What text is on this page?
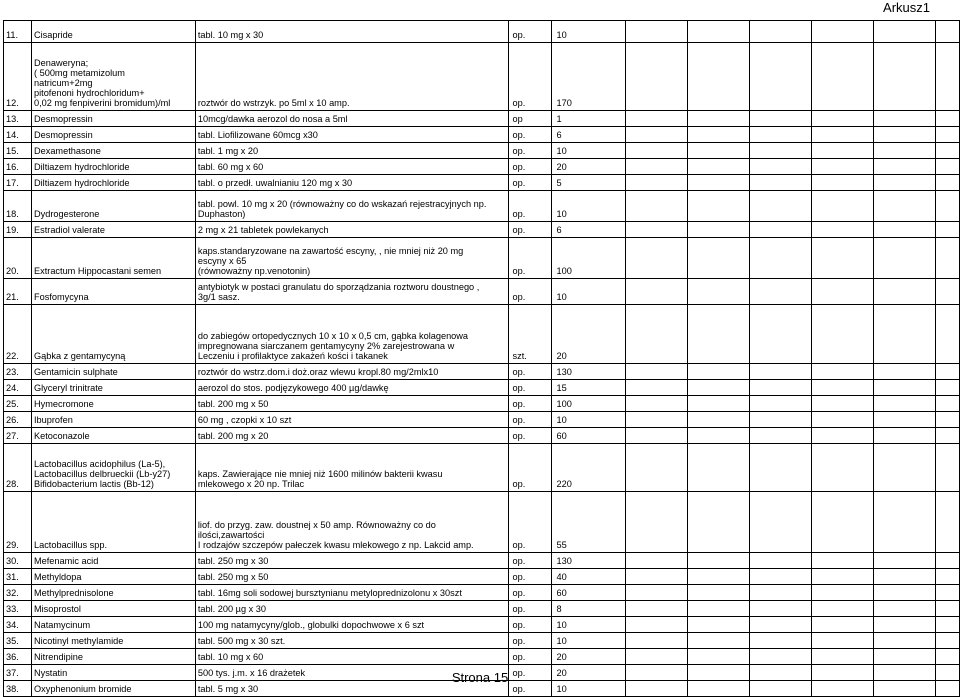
Arkusz1
11.	Cisapride	tabl. 10 mg x 30	op.	10						
12.	Denaweryna;
( 500mg metamizolum
natricum+2mg
pitofenoni hydrochloridum+
0,02 mg fenpiverini bromidum)/ml	roztwór do wstrzyk. po 5ml x 10 amp.	op.	170						
13.	Desmopressin	10mcg/dawka aerozol do nosa a 5ml	op	1						
14.	Desmopressin	tabl. Liofilizowane 60mcg x30	op.	6						
15.	Dexamethasone	tabl. 1 mg x 20	op.	10						
16.	Diltiazem hydrochloride	tabl. 60 mg x 60	op.	20						
17.	Diltiazem hydrochloride	tabl. o przedł. uwalnianiu 120 mg x 30	op.	5						
18.	Dydrogesterone	tabl. powl. 10 mg x 20 (równoważny co do wskazań rejestracyjnych np.
Duphaston)	op.	10						
19.	Estradiol valerate	2 mg x 21 tabletek powlekanych	op.	6						
20.	Extractum Hippocastani semen	kaps.standaryzowane na zawartość escyny, , nie mniej niż 20 mg
escyny x 65
(równoważny np.venotonin)	op.	100						
21.	Fosfomycyna	antybiotyk w postaci granulatu do sporządzania roztworu doustnego ,
3g/1 sasz.	op.	10						
22.	Gąbka z gentamycyną	do zabiegów ortopedycznych 10 x 10 x 0,5 cm, gąbka kolagenowa
impregnowana siarczanem gentamycyny 2% zarejestrowana w
Leczeniu i profilaktyce zakażeń kości i takanek	szt.	20						
23.	Gentamicin sulphate	roztwór do wstrz.dom.i doż.oraz wlewu kropl.80 mg/2mlx10	op.	130						
24.	Glyceryl trinitrate	aerozol do stos. podjęzykowego 400 µg/dawkę	op.	15						
25.	Hymecromone	tabl. 200 mg x 50	op.	100						
26.	Ibuprofen	60 mg , czopki x 10 szt	op.	10						
27.	Ketoconazole	tabl. 200 mg x 20	op.	60						
28.	Lactobacillus acidophilus (La-5),
Lactobacillus delbrueckii (Lb-y27)
Bifidobacterium lactis (Bb-12)	kaps. Zawierające nie mniej niż 1600 milinów bakterii kwasu
mlekowego x 20 np. Trilac	op.	220						
29.	Lactobacillus spp.	liof. do przyg. zaw. doustnej x 50 amp. Równoważny co do
ilości,zawartości
I rodzajów szczepów pałeczek kwasu mlekowego z np. Lakcid amp.	op.	55						
30.	Mefenamic acid	tabl. 250 mg x 30	op.	130						
31.	Methyldopa	tabl. 250 mg x 50	op.	40						
32.	Methylprednisolone	tabl. 16mg soli sodowej bursztynianu metyloprednizolonu x 30szt	op.	60						
33.	Misoprostol	tabl. 200 µg x 30	op.	8						
34.	Natamycinum	100 mg natamycyny/glob., globulki dopochwowe x 6 szt	op.	10						
35.	Nicotinyl methylamide	tabl. 500 mg x 30 szt.	op.	10						
36.	Nitrendipine	tabl. 10 mg x 60	op.	20						
37.	Nystatin	500 tys. j.m. x 16 drażetek	op.	20						
38.	Oxyphenonium bromide	tabl. 5 mg x 30	op.	10						
Strona 15
